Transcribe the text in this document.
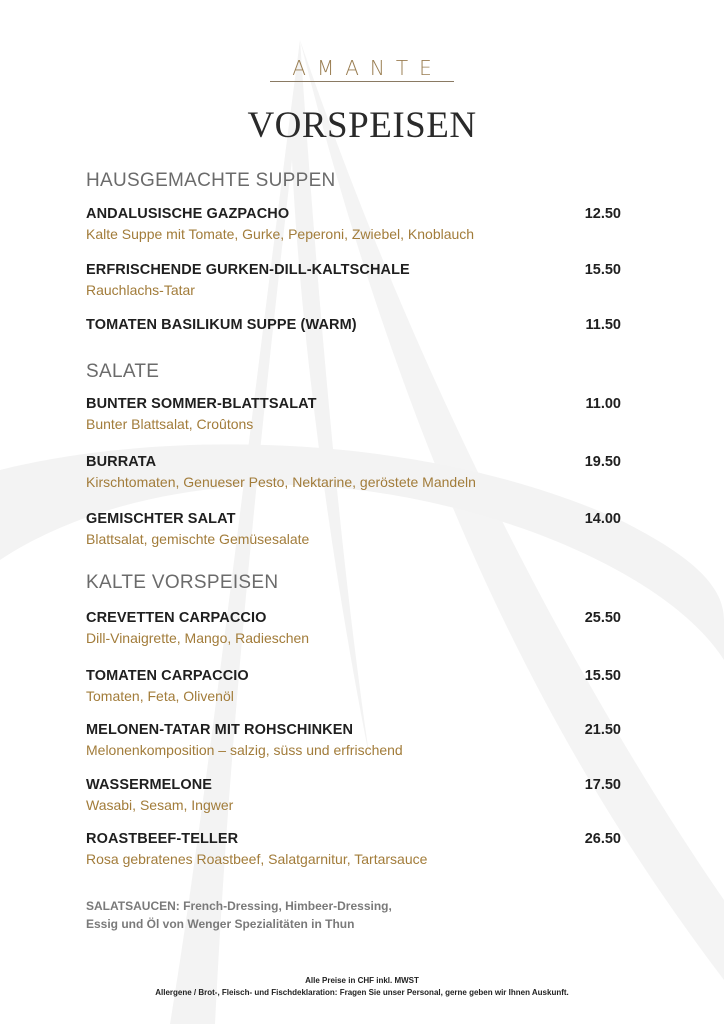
AMANTE
VORSPEISEN
HAUSGEMACHTE SUPPEN
ANDALUSISCHE GAZPACHO	12.50
Kalte Suppe mit Tomate, Gurke, Peperoni, Zwiebel, Knoblauch
ERFRISCHENDE GURKEN-DILL-KALTSCHALE	15.50
Rauchlachs-Tatar
TOMATEN BASILIKUM SUPPE (WARM)	11.50
SALATE
BUNTER SOMMER-BLATTSALAT	11.00
Bunter Blattsalat, Croûtons
BURRATA	19.50
Kirschtomaten, Genueser Pesto, Nektarine, geröstete Mandeln
GEMISCHTER SALAT	14.00
Blattsalat, gemischte Gemüsesalate
KALTE VORSPEISEN
CREVETTEN CARPACCIO	25.50
Dill-Vinaigrette, Mango, Radieschen
TOMATEN CARPACCIO	15.50
Tomaten, Feta, Olivenöl
MELONEN-TATAR MIT ROHSCHINKEN	21.50
Melonenkomposition – salzig, süss und erfrischend
WASSERMELONE	17.50
Wasabi, Sesam, Ingwer
ROASTBEEF-TELLER	26.50
Rosa gebratenes Roastbeef, Salatgarnitur, Tartarsauce
SALATSAUCEN: French-Dressing, Himbeer-Dressing,
Essig und Öl von Wenger Spezialitäten in Thun
Alle Preise in CHF inkl. MWST
Allergene / Brot-, Fleisch- und Fischdeklaration: Fragen Sie unser Personal, gerne geben wir Ihnen Auskunft.
